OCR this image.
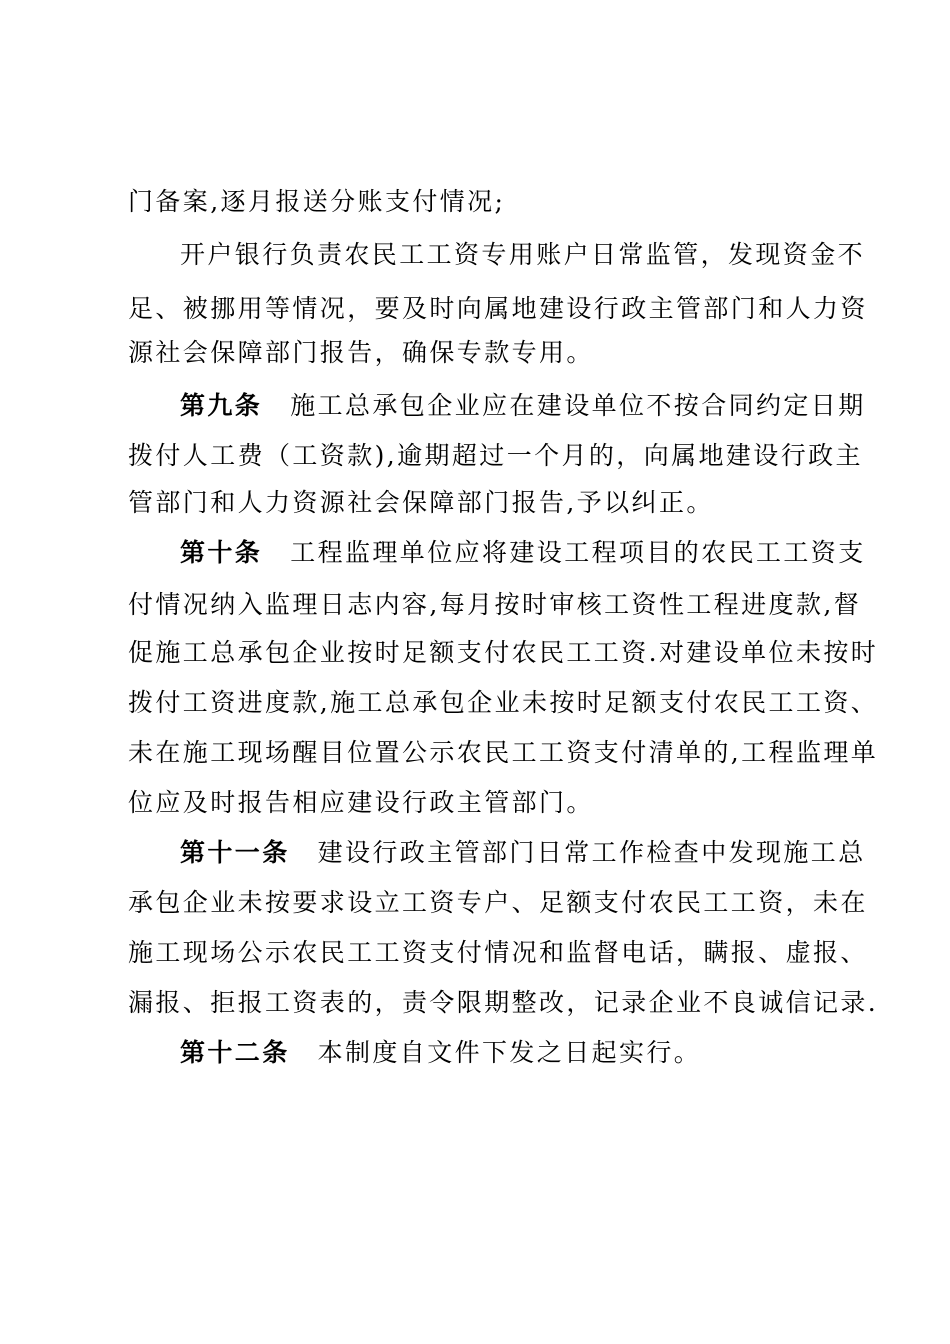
门备案,逐月报送分账支付情况;
开户银行负责农民工工资专用账户日常监管，发现资金不
足、被挪用等情况，要及时向属地建设行政主管部门和人力资
源社会保障部门报告，确保专款专用。
第九条 施工总承包企业应在建设单位不按合同约定日期
拨付人工费（工资款),逾期超过一个月的，向属地建设行政主
管部门和人力资源社会保障部门报告,予以纠正。
第十条 工程监理单位应将建设工程项目的农民工工资支
付情况纳入监理日志内容,每月按时审核工资性工程进度款,督
促施工总承包企业按时足额支付农民工工资.对建设单位未按时
拨付工资进度款,施工总承包企业未按时足额支付农民工工资、
未在施工现场醒目位置公示农民工工资支付清单的,工程监理单
位应及时报告相应建设行政主管部门。
第十一条 建设行政主管部门日常工作检查中发现施工总
承包企业未按要求设立工资专户、足额支付农民工工资，未在
施工现场公示农民工工资支付情况和监督电话，瞒报、虚报、
漏报、拒报工资表的，责令限期整改，记录企业不良诚信记录.
第十二条 本制度自文件下发之日起实行。
